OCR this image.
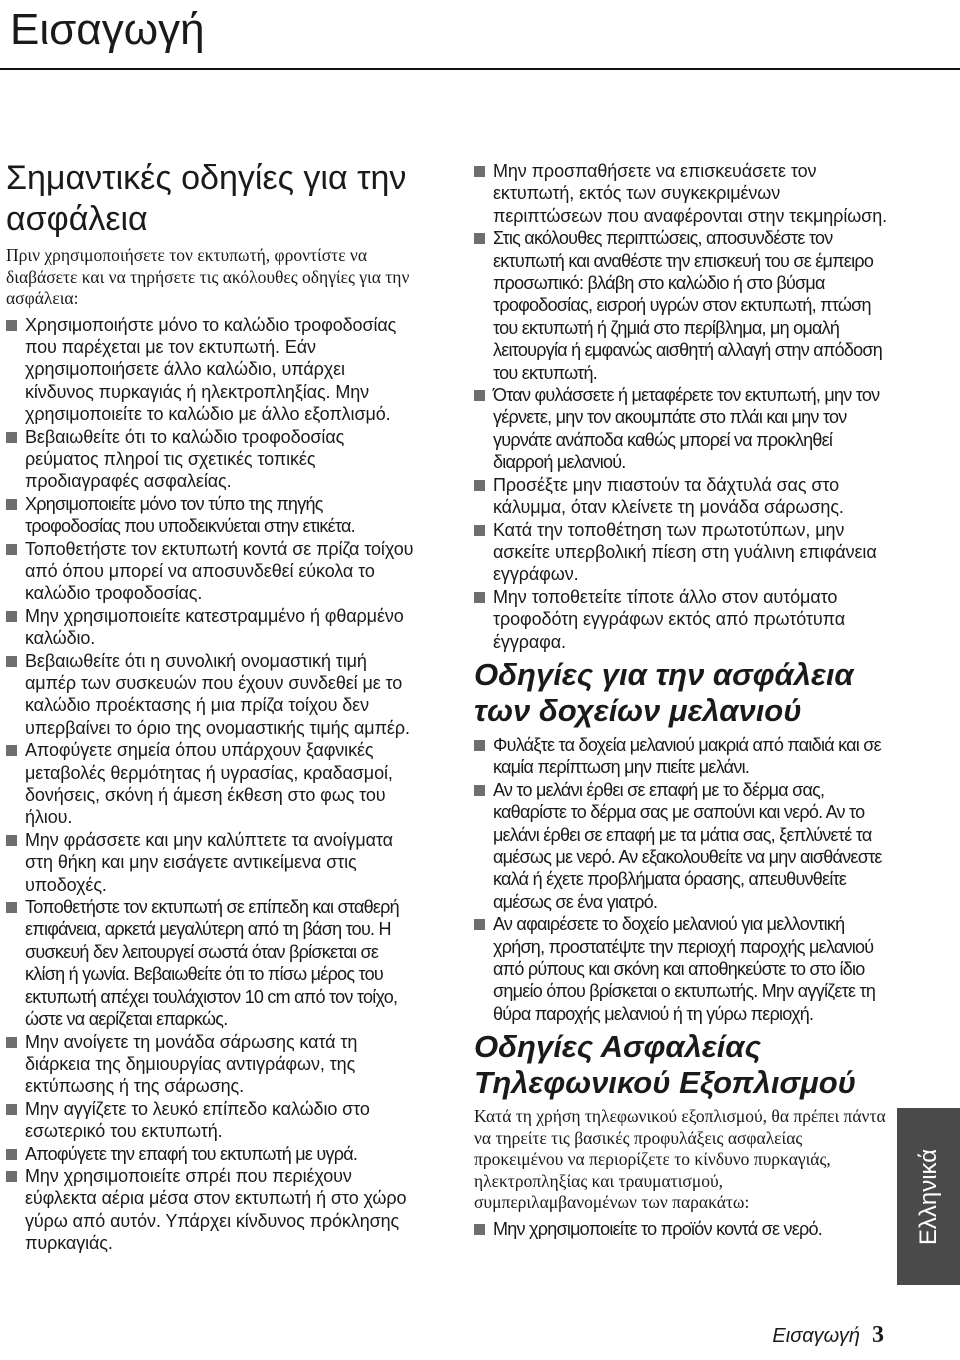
Εισαγωγή
Σημαντικές οδηγίες για την ασφάλεια

Πριν χρησιμοποιήσετε τον εκτυπωτή, φροντίστε να διαβάσετε και να τηρήσετε τις ακόλουθες οδηγίες για την ασφάλεια:

Χρησιμοποιήστε μόνο το καλώδιο τροφοδοσίας που παρέχεται με τον εκτυπωτή. Εάν χρησιμοποιήσετε άλλο καλώδιο, υπάρχει κίνδυνος πυρκαγιάς ή ηλεκτροπληξίας. Μην χρησιμοποιείτε το καλώδιο με άλλο εξοπλισμό.
Βεβαιωθείτε ότι το καλώδιο τροφοδοσίας ρεύματος πληροί τις σχετικές τοπικές προδιαγραφές ασφαλείας.
Χρησιμοποιείτε μόνο τον τύπο της πηγής τροφοδοσίας που υποδεικνύεται στην ετικέτα.
Τοποθετήστε τον εκτυπωτή κοντά σε πρίζα τοίχου από όπου μπορεί να αποσυνδεθεί εύκολα το καλώδιο τροφοδοσίας.
Μην χρησιμοποιείτε κατεστραμμένο ή φθαρμένο καλώδιο.
Βεβαιωθείτε ότι η συνολική ονομαστική τιμή αμπέρ των συσκευών που έχουν συνδεθεί με το καλώδιο προέκτασης ή μια πρίζα τοίχου δεν υπερβαίνει το όριο της ονομαστικής τιμής αμπέρ.
Αποφύγετε σημεία όπου υπάρχουν ξαφνικές μεταβολές θερμότητας ή υγρασίας, κραδασμοί, δονήσεις, σκόνη ή άμεση έκθεση στο φως του ήλιου.
Μην φράσσετε και μην καλύπτετε τα ανοίγματα στη θήκη και μην εισάγετε αντικείμενα στις υποδοχές.
Τοποθετήστε τον εκτυπωτή σε επίπεδη και σταθερή επιφάνεια, αρκετά μεγαλύτερη από τη βάση του. Η συσκευή δεν λειτουργεί σωστά όταν βρίσκεται σε κλίση ή γωνία. Βεβαιωθείτε ότι το πίσω μέρος του εκτυπωτή απέχει τουλάχιστον 10 cm από τον τοίχο, ώστε να αερίζεται επαρκώς.
Μην ανοίγετε τη μονάδα σάρωσης κατά τη διάρκεια της δημιουργίας αντιγράφων, της εκτύπωσης ή της σάρωσης.
Μην αγγίζετε το λευκό επίπεδο καλώδιο στο εσωτερικό του εκτυπωτή.
Αποφύγετε την επαφή του εκτυπωτή με υγρά.
Μην χρησιμοποιείτε σπρέι που περιέχουν εύφλεκτα αέρια μέσα στον εκτυπωτή ή στο χώρο γύρω από αυτόν. Υπάρχει κίνδυνος πρόκλησης πυρκαγιάς.
Μην προσπαθήσετε να επισκευάσετε τον εκτυπωτή, εκτός των συγκεκριμένων περιπτώσεων που αναφέρονται στην τεκμηρίωση.
Στις ακόλουθες περιπτώσεις, αποσυνδέστε τον εκτυπωτή και αναθέστε την επισκευή του σε έμπειρο προσωπικό: βλάβη στο καλώδιο ή στο βύσμα τροφοδοσίας, εισροή υγρών στον εκτυπωτή, πτώση του εκτυπωτή ή ζημιά στο περίβλημα, μη ομαλή λειτουργία ή εμφανώς αισθητή αλλαγή στην απόδοση του εκτυπωτή.
Όταν φυλάσσετε ή μεταφέρετε τον εκτυπωτή, μην τον γέρνετε, μην τον ακουμπάτε στο πλάι και μην τον γυρνάτε ανάποδα καθώς μπορεί να προκληθεί διαρροή μελανιού.
Προσέξτε μην πιαστούν τα δάχτυλά σας στο κάλυμμα, όταν κλείνετε τη μονάδα σάρωσης.
Κατά την τοποθέτηση των πρωτοτύπων, μην ασκείτε υπερβολική πίεση στη γυάλινη επιφάνεια εγγράφων.
Μην τοποθετείτε τίποτε άλλο στον αυτόματο τροφοδότη εγγράφων εκτός από πρωτότυπα έγγραφα.
Οδηγίες για την ασφάλεια των δοχείων μελανιού
Φυλάξτε τα δοχεία μελανιού μακριά από παιδιά και σε καμία περίπτωση μην πιείτε μελάνι.
Αν το μελάνι έρθει σε επαφή με το δέρμα σας, καθαρίστε το δέρμα σας με σαπούνι και νερό. Αν το μελάνι έρθει σε επαφή με τα μάτια σας, ξεπλύνετέ τα αμέσως με νερό. Αν εξακολουθείτε να μην αισθάνεστε καλά ή έχετε προβλήματα όρασης, απευθυνθείτε αμέσως σε ένα γιατρό.
Αν αφαιρέσετε το δοχείο μελανιού για μελλοντική χρήση, προστατέψτε την περιοχή παροχής μελανιού από ρύπους και σκόνη και αποθηκεύστε το στο ίδιο σημείο όπου βρίσκεται ο εκτυπωτής. Μην αγγίζετε τη θύρα παροχής μελανιού ή τη γύρω περιοχή.
Οδηγίες Ασφαλείας Τηλεφωνικού Εξοπλισμού

Κατά τη χρήση τηλεφωνικού εξοπλισμού, θα πρέπει πάντα να τηρείτε τις βασικές προφυλάξεις ασφαλείας προκειμένου να περιορίζετε το κίνδυνο πυρκαγιάς, ηλεκτροπληξίας και τραυματισμού, συμπεριλαμβανομένων των παρακάτω:

Μην χρησιμοποιείτε το προϊόν κοντά σε νερό.	Ελληνικά
Εισαγωγή 3
